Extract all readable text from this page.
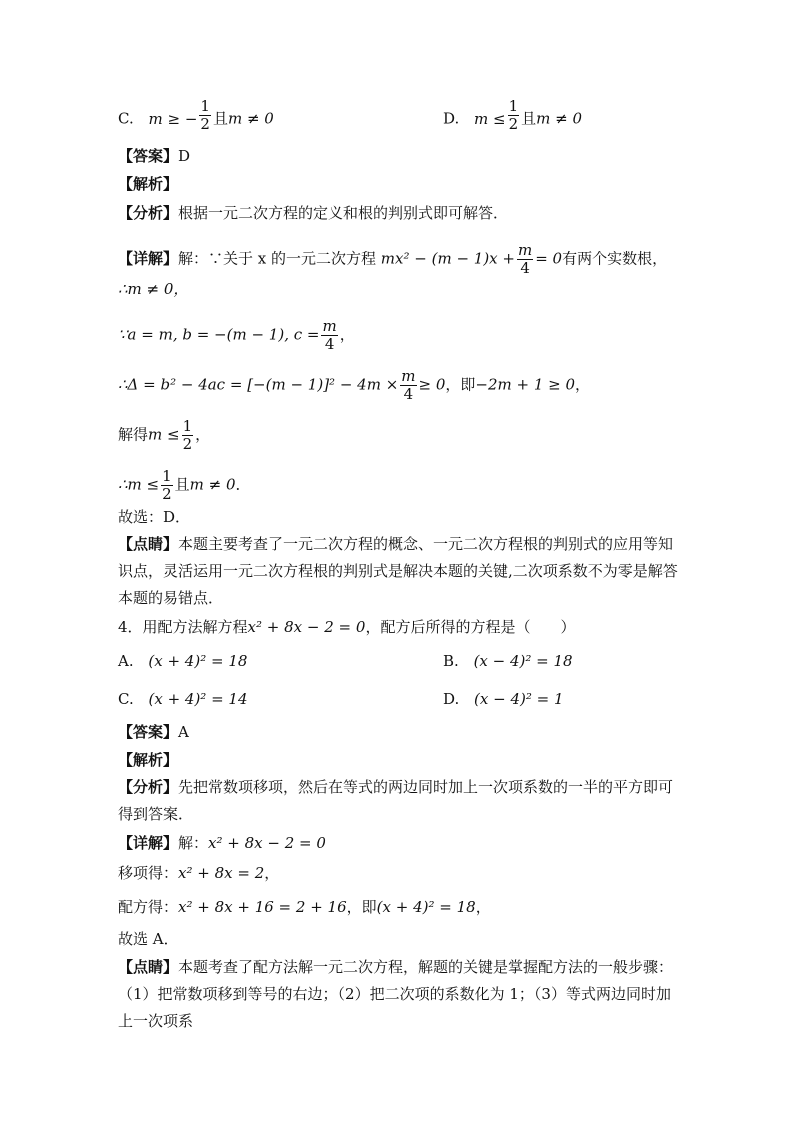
C. m ≥ − $\frac{1}{2}$ 且m ≠ 0	D. $m \le \frac{1}{2}$ 且m ≠ 0
【答案】D
【解析】
【分析】根据一元二次方程的定义和根的判别式即可解答．
【详解】解：∵关于 x 的一元二次方程 $mx^2 - (m - 1)x + \frac{m}{4} = 0$有两个实数根，
∴m ≠ 0，
∵a = m, b = −(m − 1), $c = \frac{m}{4}$ ，
∴Δ = $b^2 - 4ac = [-(m - 1)]^2 - 4m \times \frac{m}{4} \ge 0$，即−2m + 1 ≥ 0，
解得$m \le \frac{1}{2}$ ，
∴m ≤ $\frac{1}{2}$ 且m ≠ 0．
故选：D．
【点睛】本题主要考查了一元二次方程的概念、一元二次方程根的判别式的应用等知识点，灵活运用一元二次方程根的判别式是解决本题的关键,二次项系数不为零是解答本题的易错点．
4．用配方法解方程x² + 8x − 2 = 0，配方后所得的方程是（　　）
A. (x + 4)² = 18	B. (x − 4)² = 18
C. (x + 4)² = 14	D. (x − 4)² = 1
【答案】A
【解析】
【分析】先把常数项移项，然后在等式的两边同时加上一次项系数的一半的平方即可得到答案．
【详解】解：x² + 8x − 2 = 0
移项得：x² + 8x = 2，
配方得：x² + 8x + 16 = 2 + 16，即(x + 4)² = 18，
故选 A．
【点睛】本题考查了配方法解一元二次方程，解题的关键是掌握配方法的一般步骤：（1）把常数项移到等号的右边；（2）把二次项的系数化为 1；（3）等式两边同时加上一次项系
